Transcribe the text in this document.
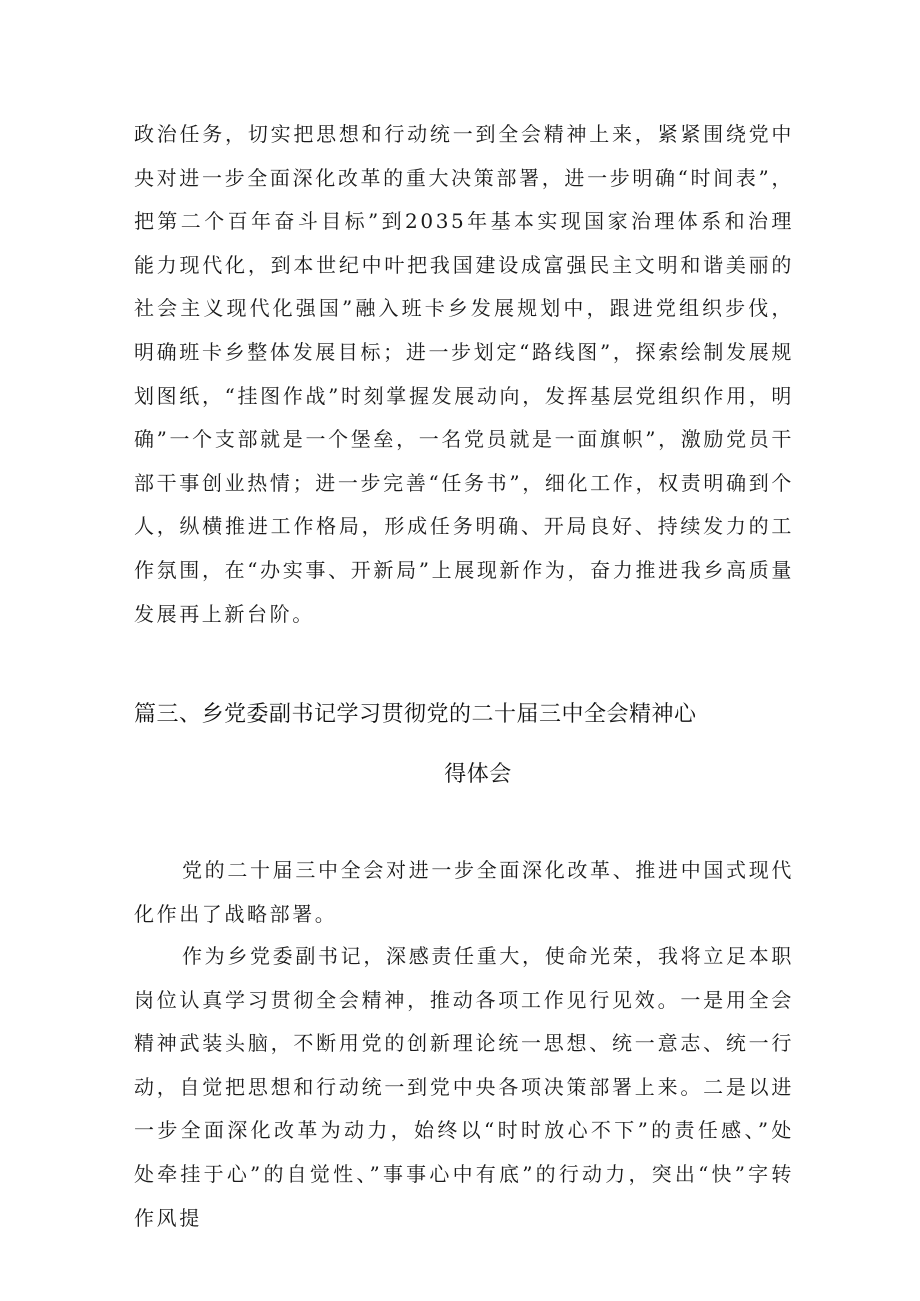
政治任务，切实把思想和行动统一到全会精神上来，紧紧围绕党中央对进一步全面深化改革的重大决策部署，进一步明确“时间表”，把第二个百年奋斗目标”到2035年基本实现国家治理体系和治理能力现代化，到本世纪中叶把我国建设成富强民主文明和谐美丽的社会主义现代化强国”融入班卡乡发展规划中，跟进党组织步伐，明确班卡乡整体发展目标；进一步划定“路线图”，探索绘制发展规划图纸，“挂图作战”时刻掌握发展动向，发挥基层党组织作用，明确”一个支部就是一个堡垒，一名党员就是一面旗帜”，激励党员干部干事创业热情；进一步完善“任务书”，细化工作，权责明确到个人，纵横推进工作格局，形成任务明确、开局良好、持续发力的工作氛围，在“办实事、开新局”上展现新作为，奋力推进我乡高质量发展再上新台阶。

篇三、乡党委副书记学习贯彻党的二十届三中全会精神心
得体会

党的二十届三中全会对进一步全面深化改革、推进中国式现代化作出了战略部署。

作为乡党委副书记，深感责任重大，使命光荣，我将立足本职岗位认真学习贯彻全会精神，推动各项工作见行见效。一是用全会精神武装头脑，不断用党的创新理论统一思想、统一意志、统一行动，自觉把思想和行动统一到党中央各项决策部署上来。二是以进一步全面深化改革为动力，始终以“时时放心不下”的责任感、”处处牵挂于心”的自觉性、”事事心中有底”的行动力，突出“快”字转作风提
